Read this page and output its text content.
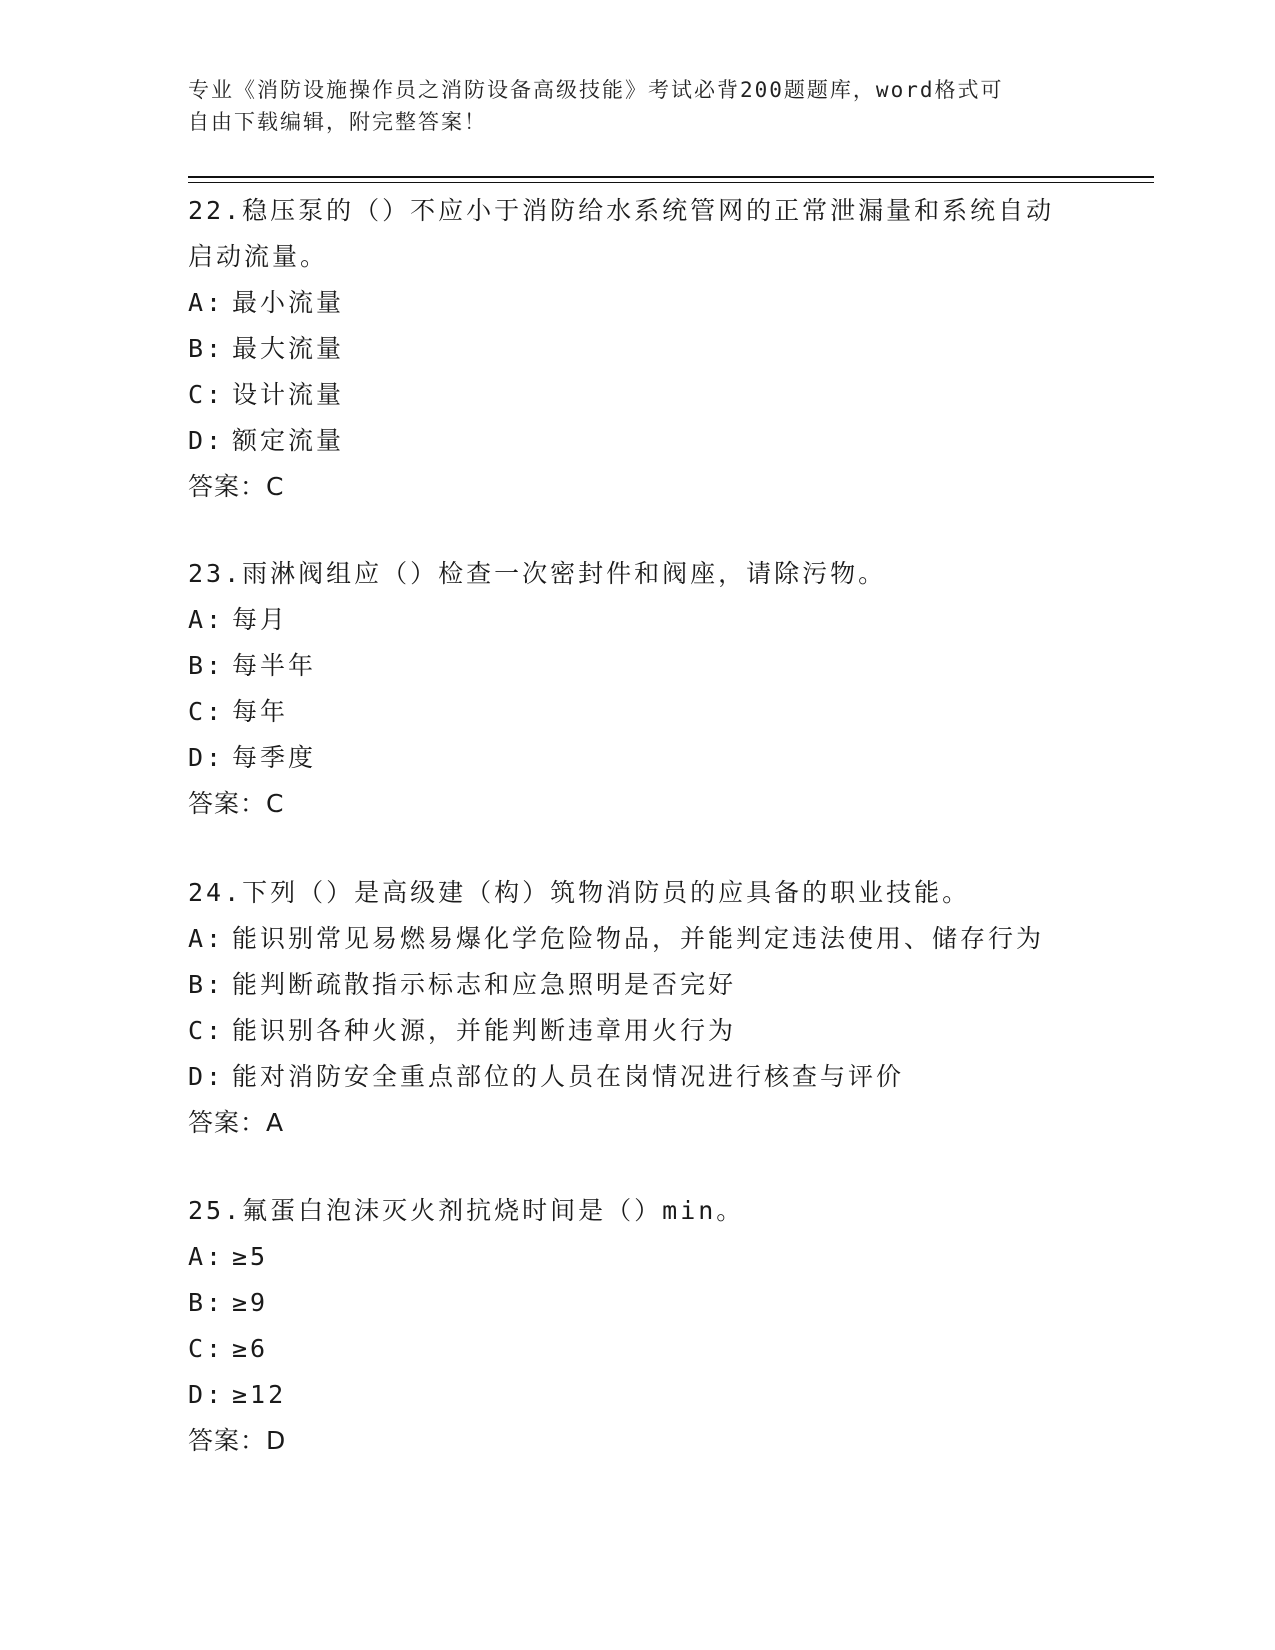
专业《消防设施操作员之消防设备高级技能》考试必背200题题库，word格式可
自由下载编辑，附完整答案！
22.稳压泵的（）不应小于消防给水系统管网的正常泄漏量和系统自动
启动流量。
A: 最小流量
B: 最大流量
C: 设计流量
D: 额定流量
答案：C
23.雨淋阀组应（）检查一次密封件和阀座，请除污物。
A: 每月
B: 每半年
C: 每年
D: 每季度
答案：C
24.下列（）是高级建（构）筑物消防员的应具备的职业技能。
A: 能识别常见易燃易爆化学危险物品，并能判定违法使用、储存行为
B: 能判断疏散指示标志和应急照明是否完好
C: 能识别各种火源，并能判断违章用火行为
D: 能对消防安全重点部位的人员在岗情况进行核查与评价
答案：A
25.氟蛋白泡沫灭火剂抗烧时间是（）min。
A: ≥5
B: ≥9
C: ≥6
D: ≥12
答案：D
